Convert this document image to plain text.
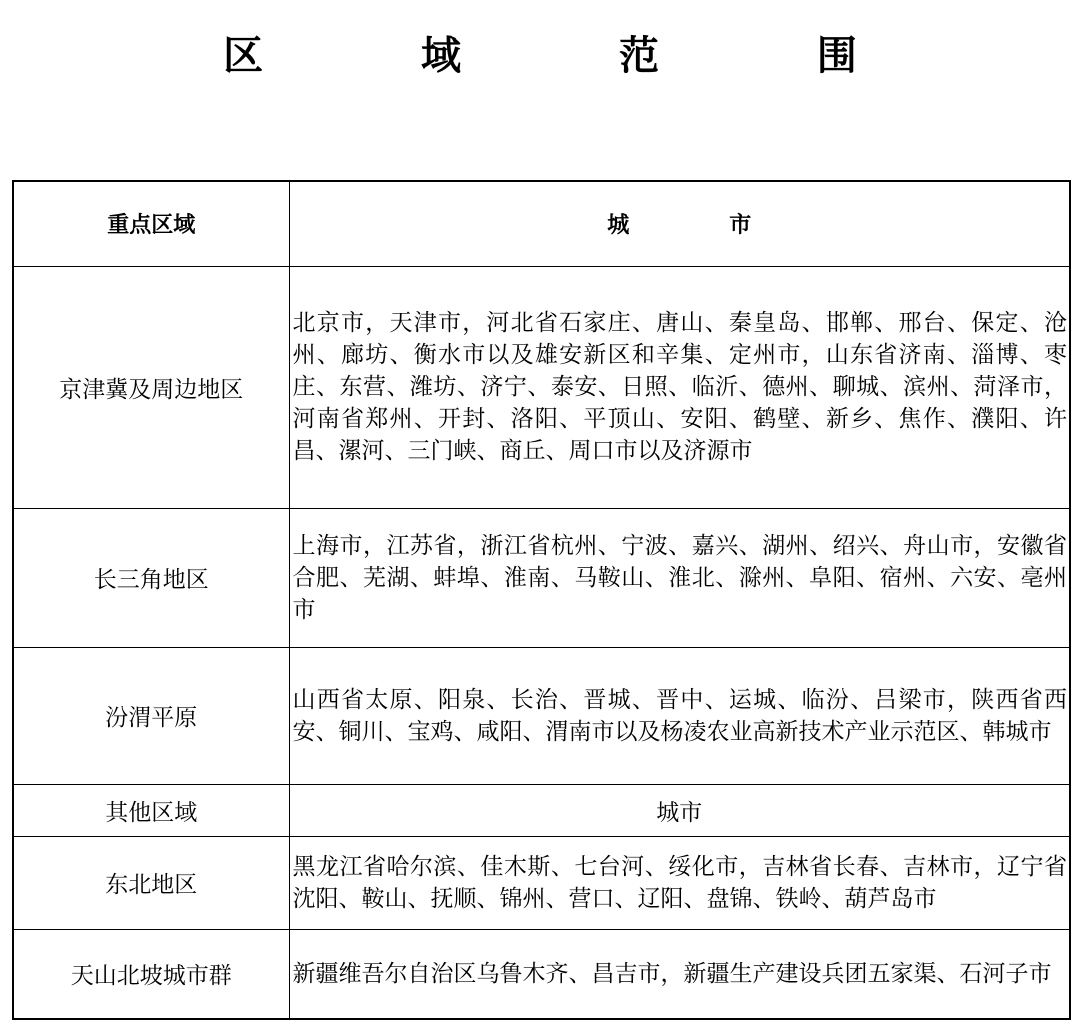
区 域 范 围
重点区域	城市
京津冀及周边地区	北京市，天津市，河北省石家庄、唐山、秦皇岛、邯郸、邢台、保定、沧州、廊坊、衡水市以及雄安新区和辛集、定州市，山东省济南、淄博、枣庄、东营、潍坊、济宁、泰安、日照、临沂、德州、聊城、滨州、菏泽市，河南省郑州、开封、洛阳、平顶山、安阳、鹤壁、新乡、焦作、濮阳、许昌、漯河、三门峡、商丘、周口市以及济源市
长三角地区	上海市，江苏省，浙江省杭州、宁波、嘉兴、湖州、绍兴、舟山市，安徽省合肥、芜湖、蚌埠、淮南、马鞍山、淮北、滁州、阜阳、宿州、六安、亳州市
汾渭平原	山西省太原、阳泉、长治、晋城、晋中、运城、临汾、吕梁市，陕西省西安、铜川、宝鸡、咸阳、渭南市以及杨凌农业高新技术产业示范区、韩城市
其他区域	城市
东北地区	黑龙江省哈尔滨、佳木斯、七台河、绥化市，吉林省长春、吉林市，辽宁省沈阳、鞍山、抚顺、锦州、营口、辽阳、盘锦、铁岭、葫芦岛市
天山北坡城市群	新疆维吾尔自治区乌鲁木齐、昌吉市，新疆生产建设兵团五家渠、石河子市
